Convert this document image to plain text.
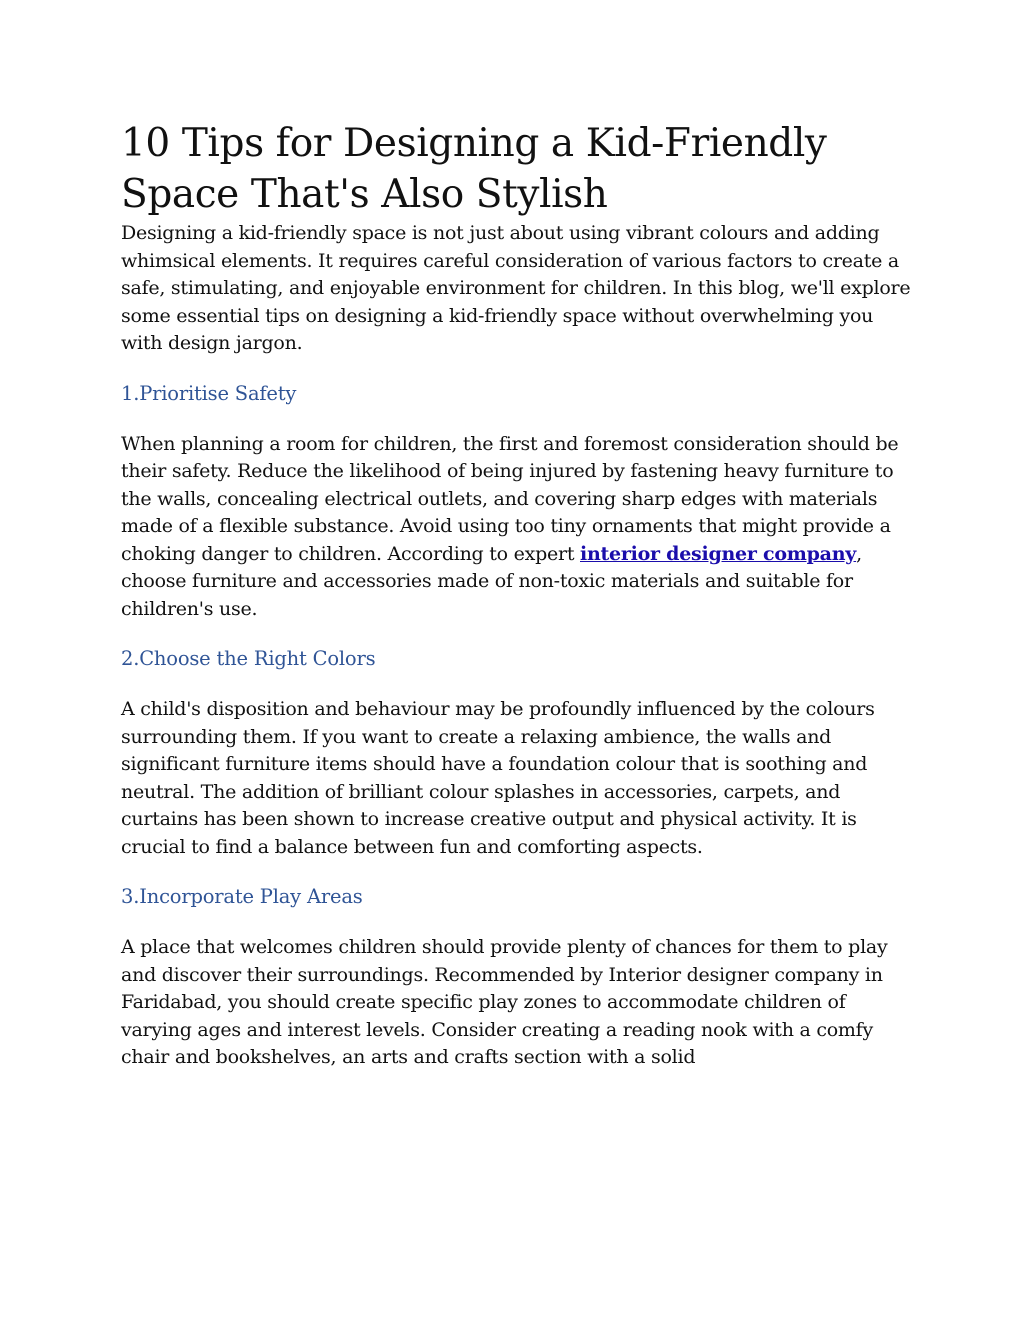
10 Tips for Designing a Kid-Friendly
Space That's Also Stylish

Designing a kid-friendly space is not just about using vibrant colours and adding whimsical elements. It requires careful consideration of various factors to create a safe, stimulating, and enjoyable environment for children. In this blog, we'll explore some essential tips on designing a kid-friendly space without overwhelming you with design jargon.

1.Prioritise Safety

When planning a room for children, the first and foremost consideration should be their safety. Reduce the likelihood of being injured by fastening heavy furniture to the walls, concealing electrical outlets, and covering sharp edges with materials made of a flexible substance. Avoid using too tiny ornaments that might provide a choking danger to children. According to expert interior designer company, choose furniture and accessories made of non-toxic materials and suitable for children's use.

2.Choose the Right Colors

A child's disposition and behaviour may be profoundly influenced by the colours surrounding them. If you want to create a relaxing ambience, the walls and significant furniture items should have a foundation colour that is soothing and neutral. The addition of brilliant colour splashes in accessories, carpets, and curtains has been shown to increase creative output and physical activity. It is crucial to find a balance between fun and comforting aspects.

3.Incorporate Play Areas

A place that welcomes children should provide plenty of chances for them to play and discover their surroundings. Recommended by Interior designer company in Faridabad, you should create specific play zones to accommodate children of varying ages and interest levels. Consider creating a reading nook with a comfy chair and bookshelves, an arts and crafts section with a solid
